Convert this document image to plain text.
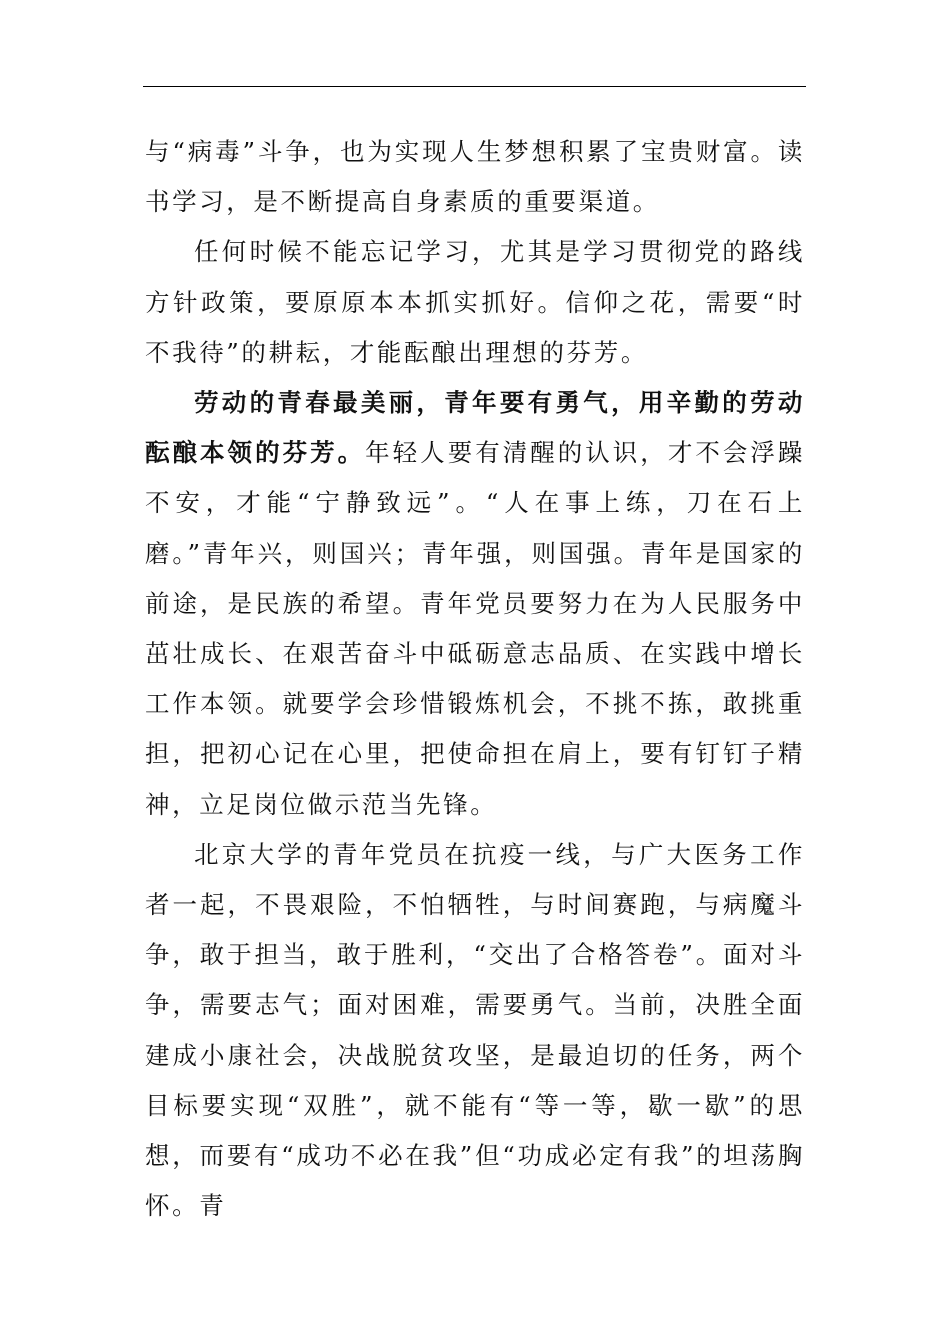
与“病毒”斗争，也为实现人生梦想积累了宝贵财富。读书学习，是不断提高自身素质的重要渠道。

任何时候不能忘记学习，尤其是学习贯彻党的路线方针政策，要原原本本抓实抓好。信仰之花，需要“时不我待”的耕耘，才能酝酿出理想的芬芳。

劳动的青春最美丽，青年要有勇气，用辛勤的劳动酝酿本领的芬芳。年轻人要有清醒的认识，才不会浮躁不安，才能“宁静致远”。“人在事上练，刀在石上磨。”青年兴，则国兴；青年强，则国强。青年是国家的前途，是民族的希望。青年党员要努力在为人民服务中茁壮成长、在艰苦奋斗中砥砺意志品质、在实践中增长工作本领。就要学会珍惜锻炼机会，不挑不拣，敢挑重担，把初心记在心里，把使命担在肩上，要有钉钉子精神，立足岗位做示范当先锋。

北京大学的青年党员在抗疫一线，与广大医务工作者一起，不畏艰险，不怕牺牲，与时间赛跑，与病魔斗争，敢于担当，敢于胜利，“交出了合格答卷”。面对斗争，需要志气；面对困难，需要勇气。当前，决胜全面建成小康社会，决战脱贫攻坚，是最迫切的任务，两个目标要实现“双胜”，就不能有“等一等，歇一歇”的思想，而要有“成功不必在我”但“功成必定有我”的坦荡胸怀。青
